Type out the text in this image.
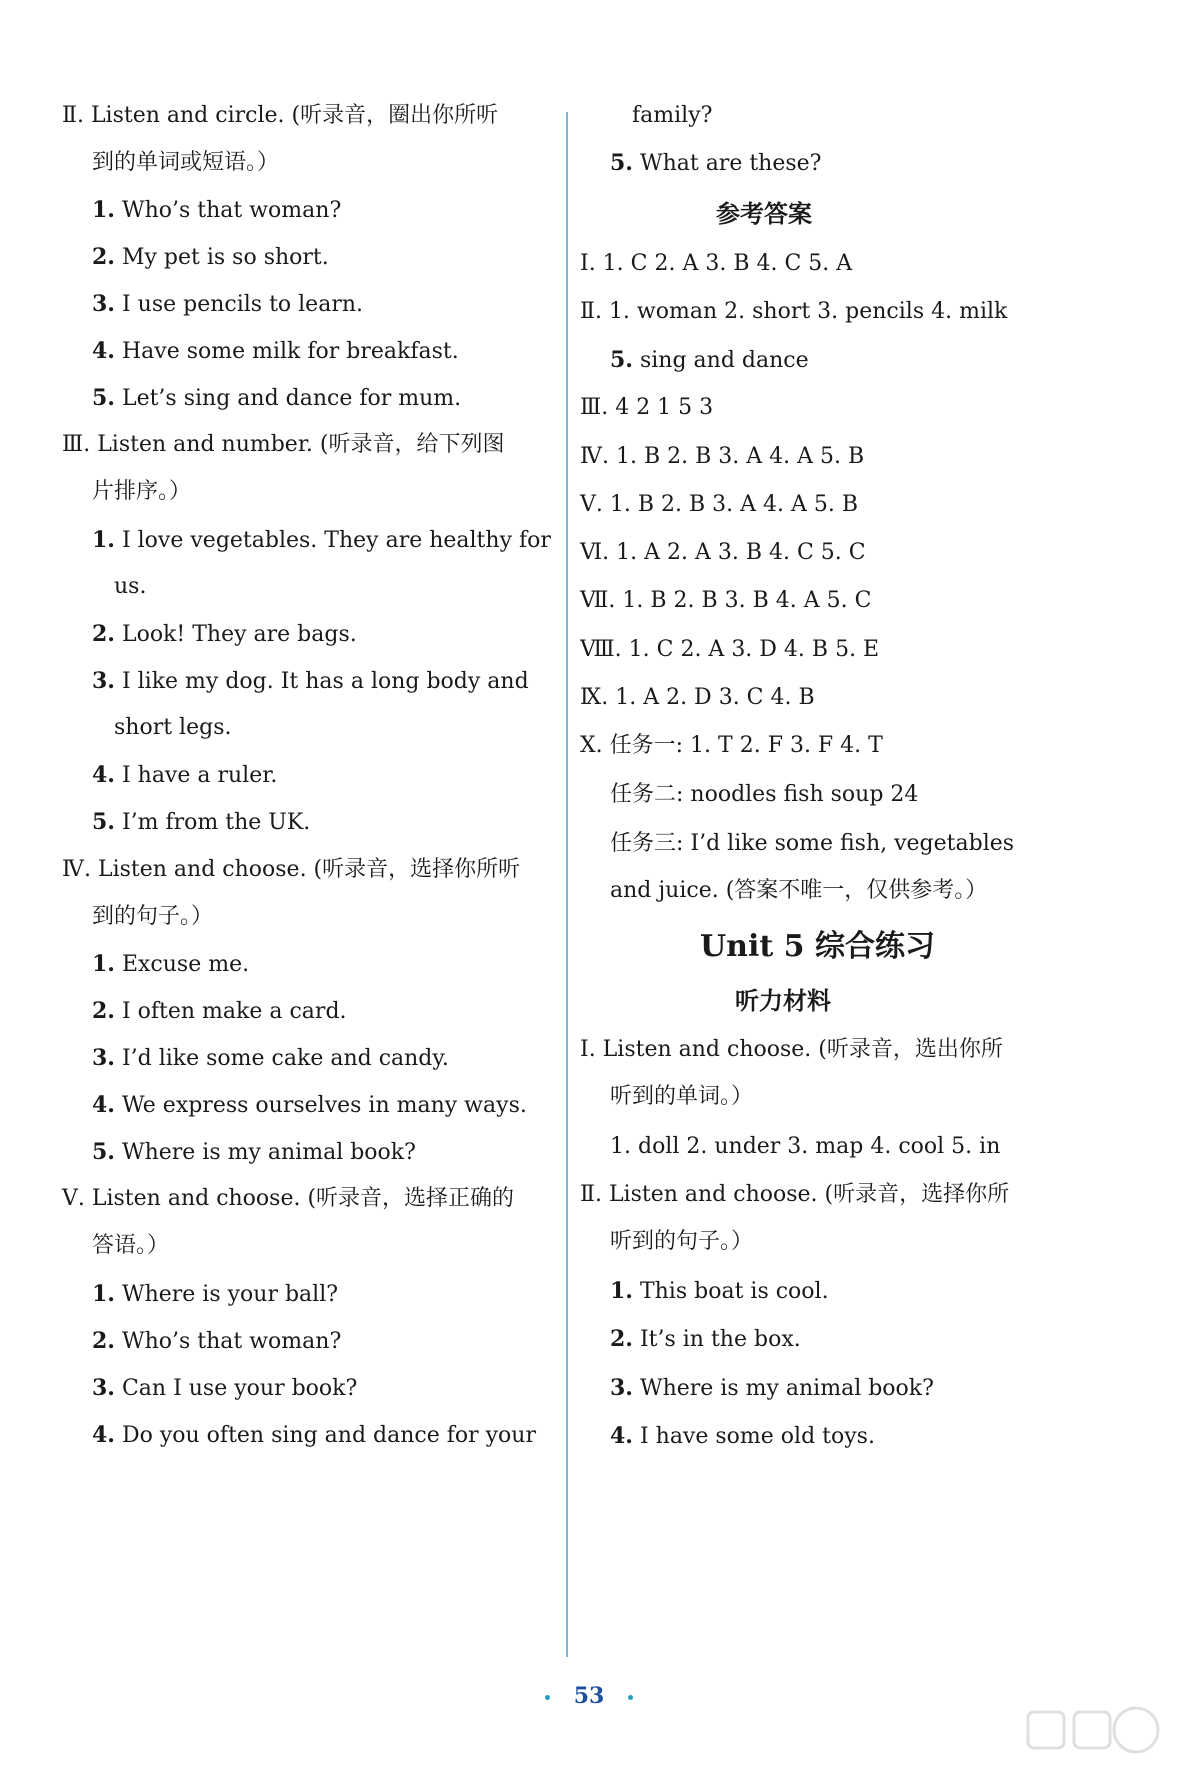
Ⅱ. Listen and circle. (听录音，圈出你所听
到的单词或短语。）
1. Who’s that woman?
2. My pet is so short.
3. I use pencils to learn.
4. Have some milk for breakfast.
5. Let’s sing and dance for mum.
Ⅲ. Listen and number. (听录音，给下列图
片排序。）
1. I love vegetables. They are healthy for
us.
2. Look! They are bags.
3. I like my dog. It has a long body and
short legs.
4. I have a ruler.
5. I’m from the UK.
Ⅳ. Listen and choose. (听录音，选择你所听
到的句子。）
1. Excuse me.
2. I often make a card.
3. I’d like some cake and candy.
4. We express ourselves in many ways.
5. Where is my animal book?
Ⅴ. Listen and choose. (听录音，选择正确的
答语。）
1. Where is your ball?
2. Who’s that woman?
3. Can I use your book?
4. Do you often sing and dance for your
参考答案
Unit 5 综合练习
听力材料
family?
5. What are these?
Ⅰ. 1. C 2. A 3. B 4. C 5. A
Ⅱ. 1. woman 2. short 3. pencils 4. milk
5. sing and dance
Ⅲ. 4 2 1 5 3
Ⅳ. 1. B 2. B 3. A 4. A 5. B
Ⅴ. 1. B 2. B 3. A 4. A 5. B
Ⅵ. 1. A 2. A 3. B 4. C 5. C
Ⅶ. 1. B 2. B 3. B 4. A 5. C
Ⅷ. 1. C 2. A 3. D 4. B 5. E
Ⅸ. 1. A 2. D 3. C 4. B
Ⅹ. 任务一: 1. T 2. F 3. F 4. T
任务二: noodles fish soup 24
任务三: I’d like some fish, vegetables
and juice. (答案不唯一，仅供参考。）
Ⅰ. Listen and choose. (听录音，选出你所
听到的单词。）
1. doll 2. under 3. map 4. cool 5. in
Ⅱ. Listen and choose. (听录音，选择你所
听到的句子。）
1. This boat is cool.
2. It’s in the box.
3. Where is my animal book?
4. I have some old toys.
53
